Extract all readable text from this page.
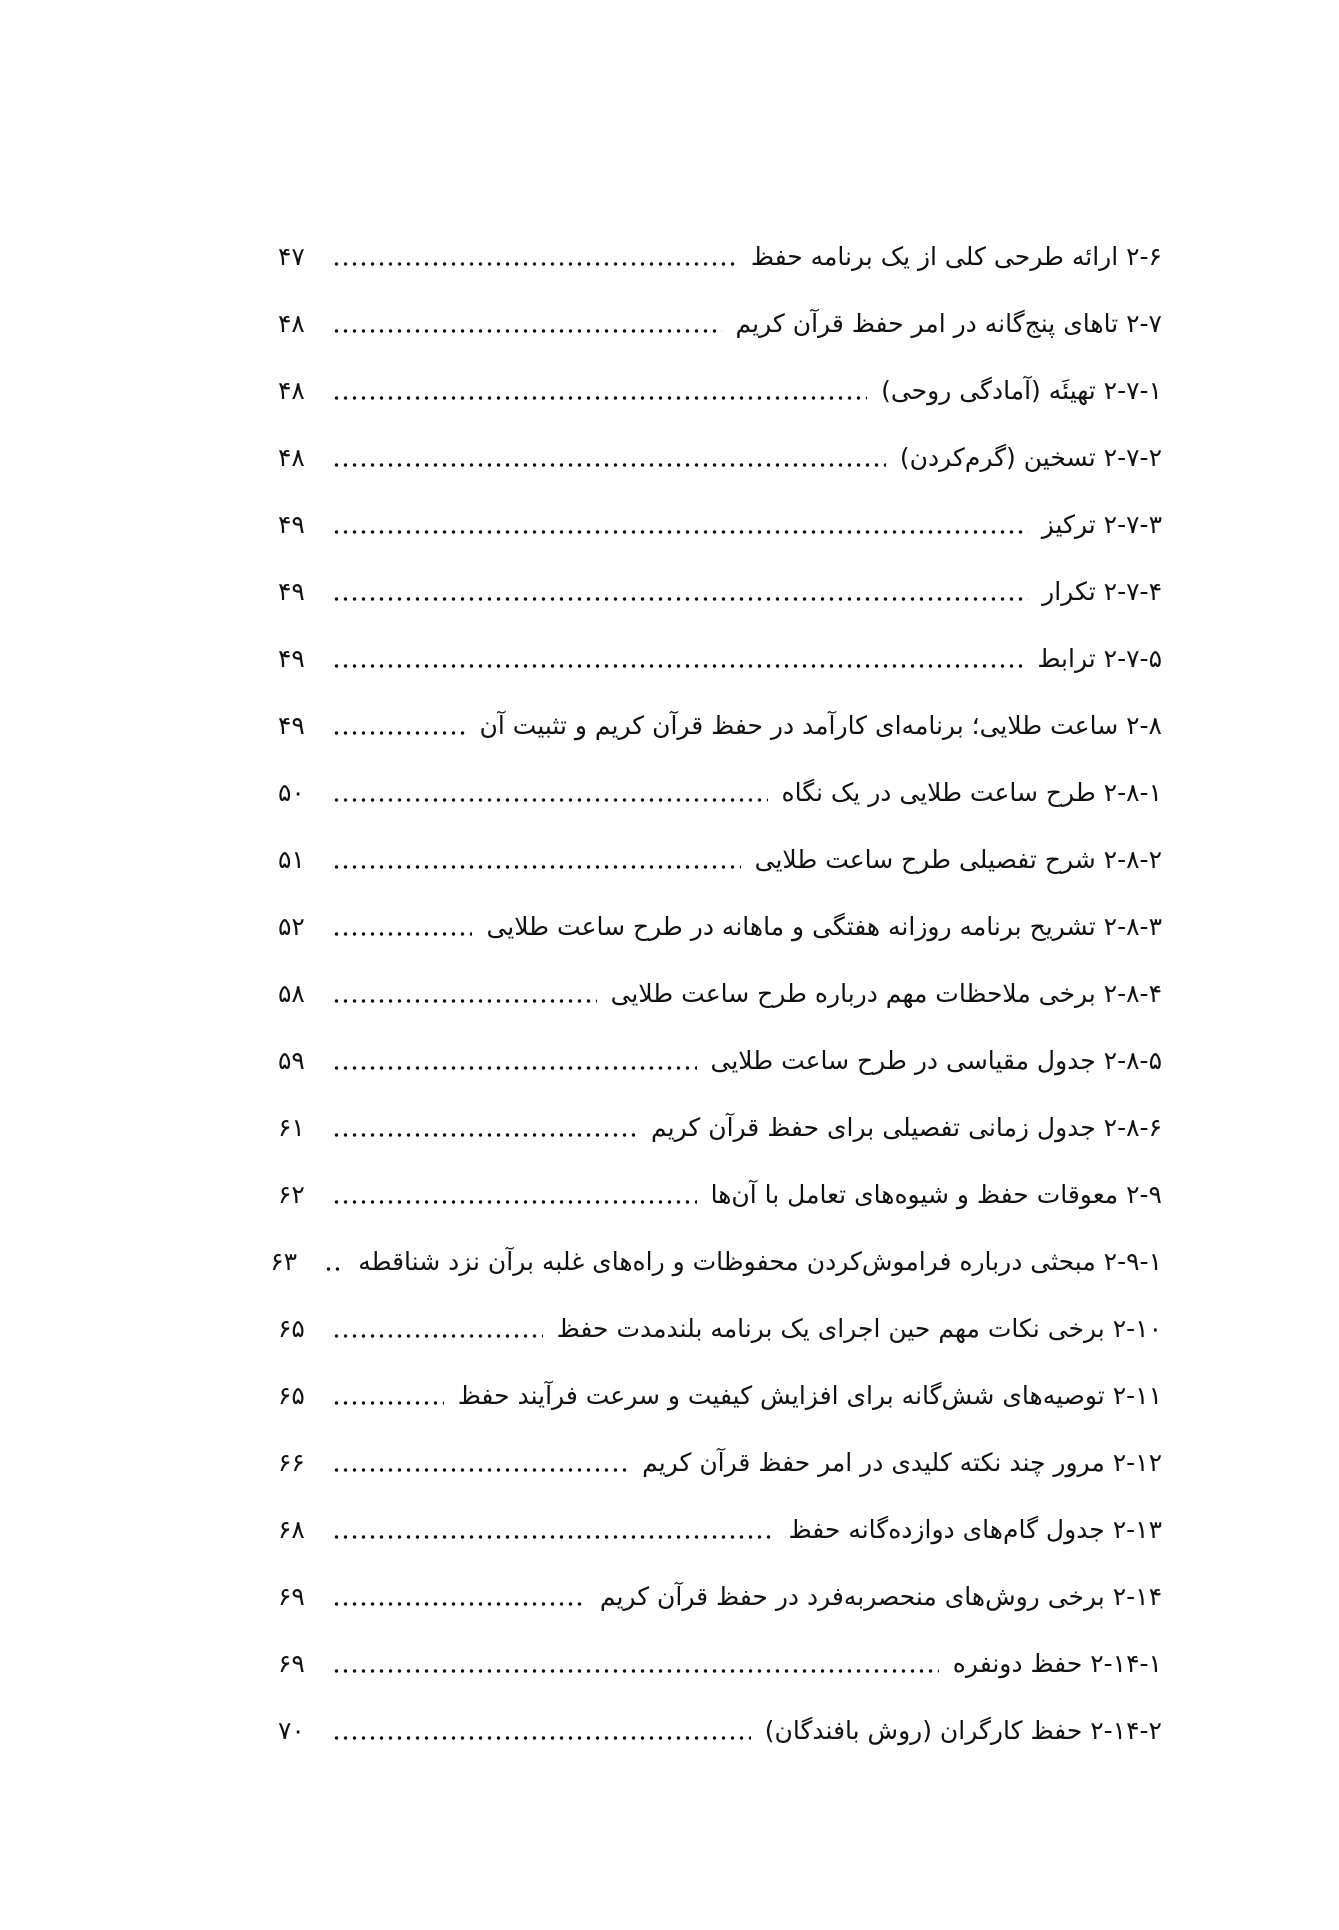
۲-۶ ارائه طرحی کلی از یک برنامه حفظ
۴۷
۲-۷ تاهای پنج‌گانه در امر حفظ قرآن کریم
۴۸
۲-۷-۱ تهیئَه (آمادگی روحی)
۴۸
۲-۷-۲ تسخین (گرم‌کردن)
۴۸
۲-۷-۳ ترکیز
۴۹
۲-۷-۴ تکرار
۴۹
۲-۷-۵ ترابط
۴۹
۲-۸ ساعت طلایی؛ برنامه‌ای کارآمد در حفظ قرآن کریم و تثبیت آن
۴۹
۲-۸-۱ طرح ساعت طلایی در یک نگاه
۵۰
۲-۸-۲ شرح تفصیلی طرح ساعت طلایی
۵۱
۲-۸-۳ تشریح برنامه روزانه هفتگی و ماهانه در طرح ساعت طلایی
۵۲
۲-۸-۴ برخی ملاحظات مهم درباره طرح ساعت طلایی
۵۸
۲-۸-۵ جدول مقیاسی در طرح ساعت طلایی
۵۹
۲-۸-۶ جدول زمانی تفصیلی برای حفظ قرآن کریم
۶۱
۲-۹ معوقات حفظ و شیوه‌های تعامل با آن‌ها
۶۲
۲-۹-۱ مبحثی درباره فراموش‌کردن محفوظات و راه‌های غلبه برآن نزد شناقطه
۶۳
۲-۱۰ برخی نکات مهم حین اجرای یک برنامه بلندمدت حفظ
۶۵
۲-۱۱ توصیه‌های شش‌گانه برای افزایش کیفیت و سرعت فرآیند حفظ
۶۵
۲-۱۲ مرور چند نکته کلیدی در امر حفظ قرآن کریم
۶۶
۲-۱۳ جدول گام‌های دوازده‌گانه حفظ
۶۸
۲-۱۴ برخی روش‌های منحصربه‌فرد در حفظ قرآن کریم
۶۹
۲-۱۴-۱ حفظ دونفره
۶۹
۲-۱۴-۲ حفظ کارگران (روش بافندگان)
۷۰
